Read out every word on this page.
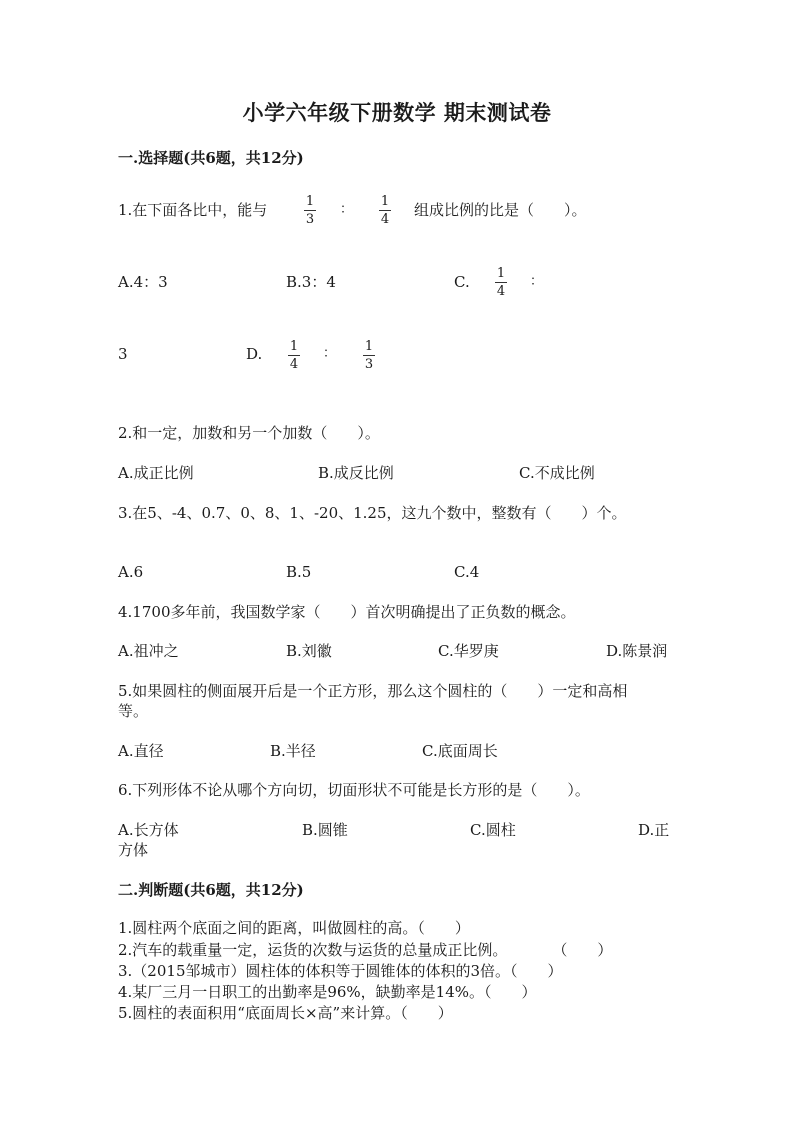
小学六年级下册数学 期末测试卷
一.选择题(共6题，共12分)
1.在下面各比中，能与	1
3
：
1
4
组成比例的比是（　　）。
A.4：3	B.3：4	C. 1
4
：
3	D. 1
4
： 1
3
2.和一定，加数和另一个加数（　　）。
A.成正比例	B.成反比例	C.不成比例
3.在5、-4、0.7、0、8、1、-20、1.25，这九个数中，整数有（　　）个。
A.6	B.5	C.4
4.1700多年前，我国数学家（　　）首次明确提出了正负数的概念。
A.祖冲之	B.刘徽	C.华罗庚	D.陈景润
5.如果圆柱的侧面展开后是一个正方形，那么这个圆柱的（　　）一定和高相
等。
A.直径	B.半径	C.底面周长
6.下列形体不论从哪个方向切，切面形状不可能是长方形的是（　　）。
A.长方体	B.圆锥	C.圆柱	D.正
方体
二.判断题(共6题，共12分)
1.圆柱两个底面之间的距离，叫做圆柱的高。（　　）
2.汽车的载重量一定，运货的次数与运货的总量成正比例。　　　　（　　）
3.（2015邹城市）圆柱体的体积等于圆锥体的体积的3倍。（　　）
4.某厂三月一日职工的出勤率是96%，缺勤率是14%。（　　）
5.圆柱的表面积用“底面周长×高”来计算。（　　）
